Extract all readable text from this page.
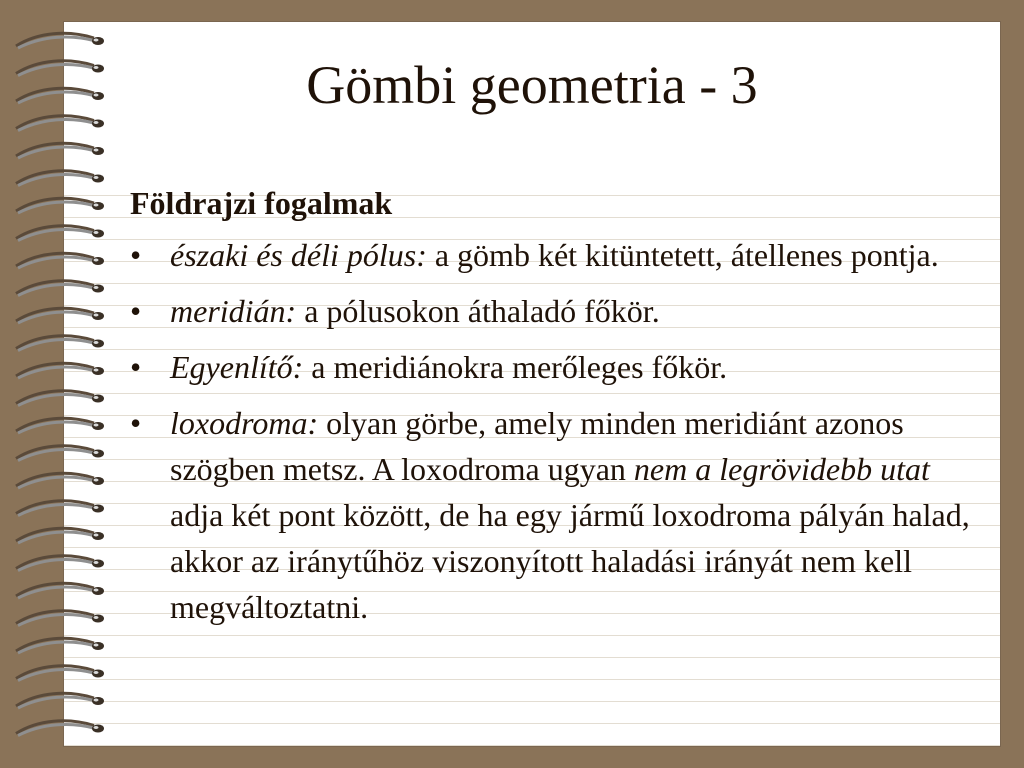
Gömbi geometria - 3
Földrajzi fogalmak
• északi és déli pólus: a gömb két kitüntetett, átellenes pontja.
• meridián: a pólusokon áthaladó főkör.
• Egyenlítő: a meridiánokra merőleges főkör.
• loxodroma: olyan görbe, amely minden meridiánt azonos szögben metsz. A loxodroma ugyan nem a legrövidebb utat adja két pont között, de ha egy jármű loxodroma pályán halad, akkor az iránytűhöz viszonyított haladási irányát nem kell megváltoztatni.
